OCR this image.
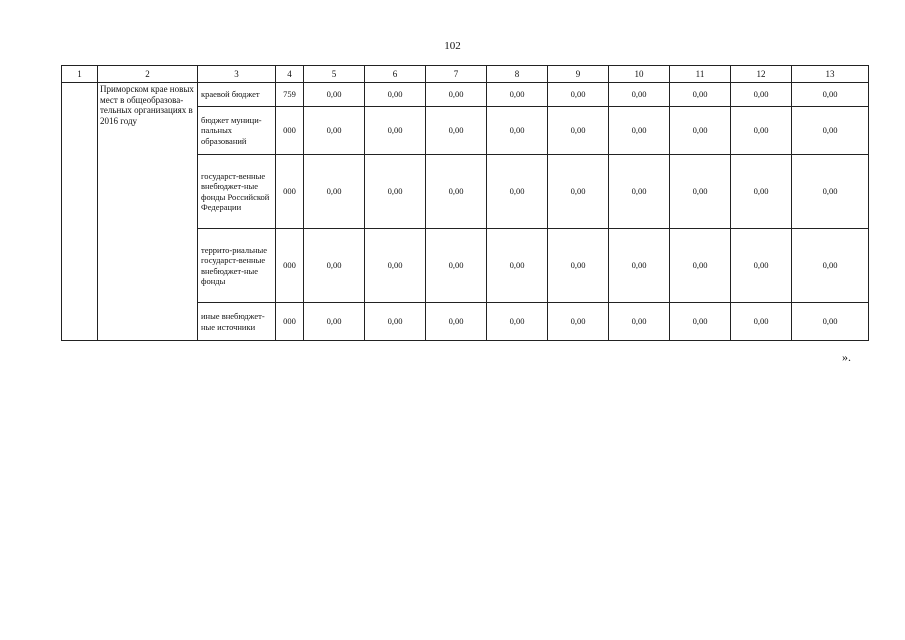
102
1	2	3	4	5	6	7	8	9	10	11	12	13
	Приморском крае новых мест в общеобразова-тельных организациях в 2016 году	краевой бюджет	759	0,00	0,00	0,00	0,00	0,00	0,00	0,00	0,00	0,00
		бюджет муници-пальных образований	000	0,00	0,00	0,00	0,00	0,00	0,00	0,00	0,00	0,00
		государст-венные внебюджет-ные фонды Российской Федерации	000	0,00	0,00	0,00	0,00	0,00	0,00	0,00	0,00	0,00
		террито-риальные государст-венные внебюджет-ные фонды	000	0,00	0,00	0,00	0,00	0,00	0,00	0,00	0,00	0,00
		иные внебюджет-ные источники	000	0,00	0,00	0,00	0,00	0,00	0,00	0,00	0,00	0,00
».
